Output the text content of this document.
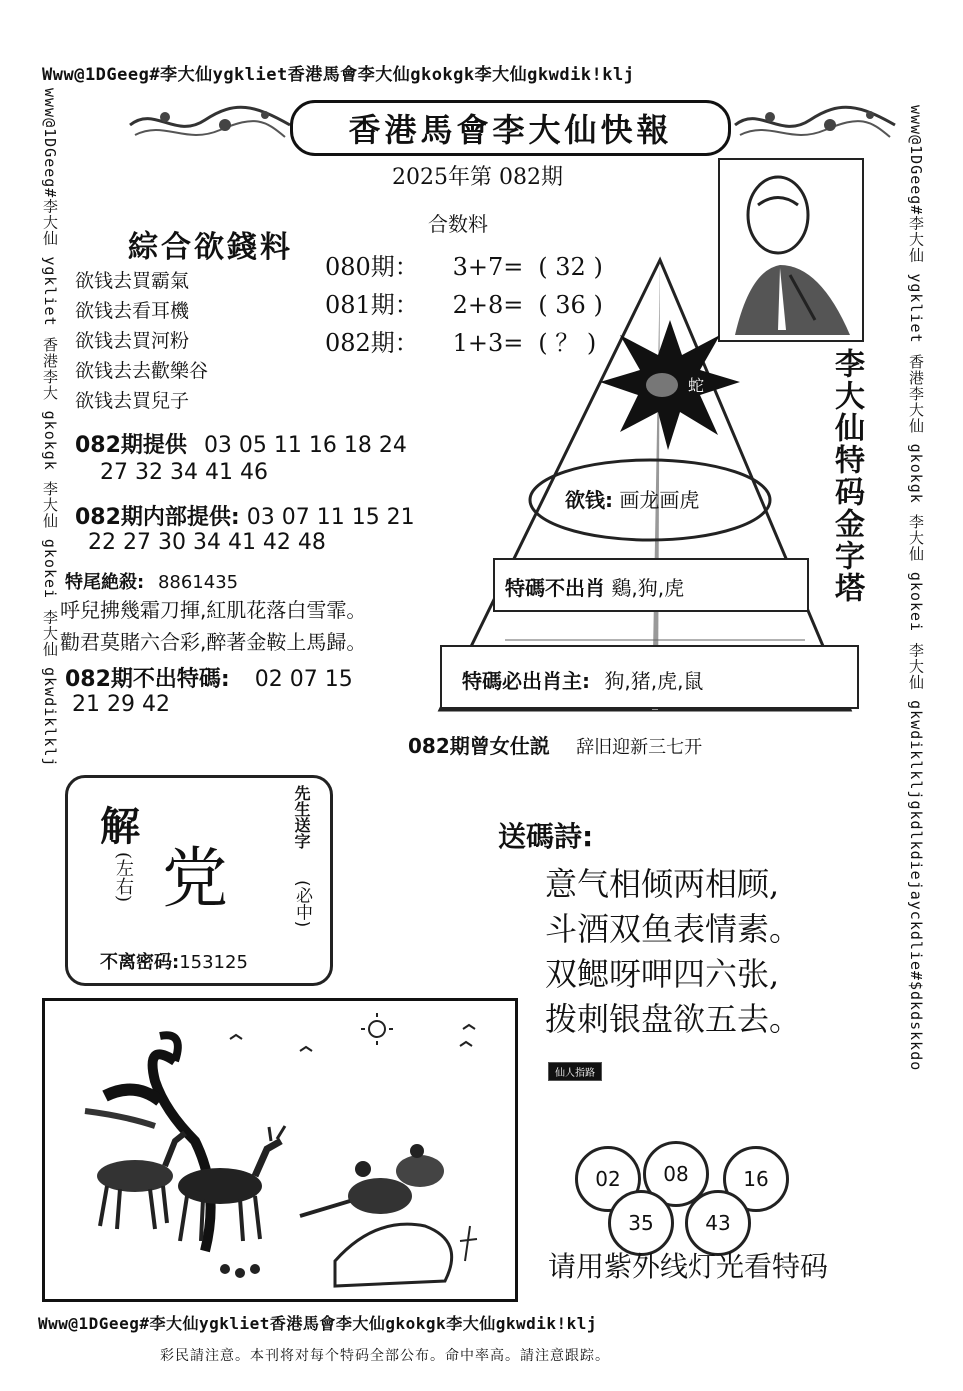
Www@1DGeeg#李大仙ygkliet香港馬會李大仙gkokgk李大仙gkwdik!klj
Www@1DGeeg#李大仙ygkliet香港馬會李大仙gkokgk李大仙gkwdik!klj
www@1DGeeg#李大仙 ygkliet 香港李大 gkokgk 李大仙 gkokei 李大仙 gkwdiklklj	www@1DGeeg#李大仙 ygkliet 香港李大仙 gkokgk 李大仙 gkokei 李大仙 gkwdiklkljgkdlkdiejayckdlie#$dkdskkdo
香港馬會李大仙快報
2025年第 082期
合数料
080期： 3+7= ( 32 )
081期： 2+8= ( 36 )
082期： 1+3= ( ？ )
綜合欲錢料
欲钱去買霸氣
欲钱去看耳機
欲钱去買河粉
欲钱去去歡樂谷
欲钱去買兒子
082期提供 03 05 11 16 18 24
27 32 34 41 46
082期内部提供: 03 07 11 15 21
22 27 30 34 41 42 48
特尾絶殺: 8861435
呼兒拂幾霜刀揮,紅肌花落白雪霏。
勸君莫賭六合彩,醉著金鞍上馬歸。
082期不出特碼: 02 07 15
21 29 42
蛇	李大仙特码金字塔
欲钱: 画龙画虎
特碼不出肖 鷄,狗,虎
特碼必出肖主: 狗,猪,虎,鼠
082期曾女仕説 辞旧迎新三七开
解
(左右) 党
先生送字
(必中)
不离密码:153125
送碼詩:
意气相倾两相顾,
斗酒双鱼表情素。
双鳃呀呷四六张,
拨刺银盘欲五去。
仙人指路
02	08	16
35	43
请用紫外线灯光看特码
彩民請注意。本刊将对每个特码全部公布。命中率高。請注意跟踪。
